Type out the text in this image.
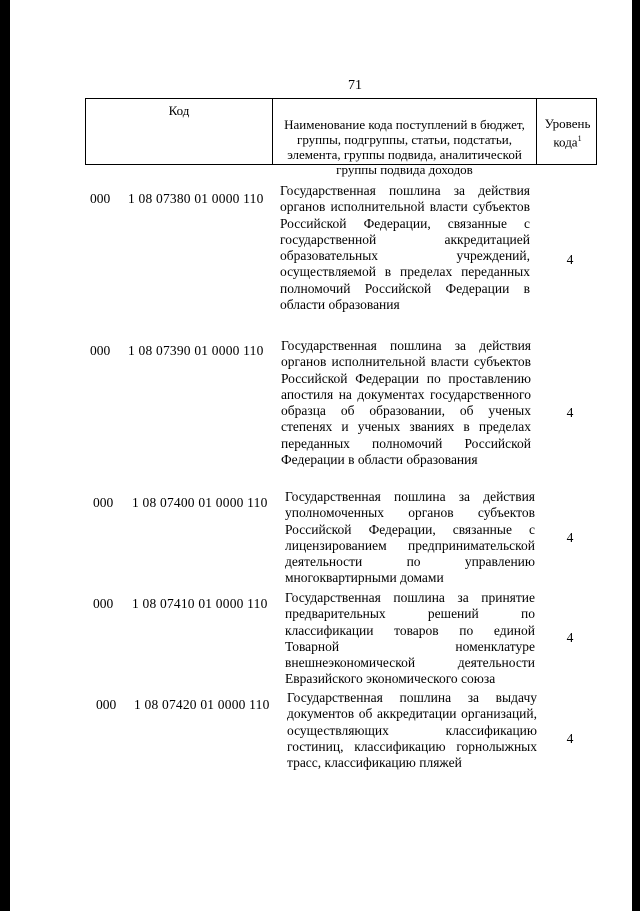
71
Код

Наименование кода поступлений в бюджет, группы, подгруппы, статьи, подстатьи, элемента, группы подвида, аналитической группы подвида доходов

Уровень кода$^1$

000 1 08 07380 01 0000 110
Государственная пошлина за действия органов исполнительной власти субъектов Российской Федерации, связанные с государственной аккредитацией образовательных учреждений, осуществляемой в пределах переданных полномочий Российской Федерации в области образования
4
000 1 08 07390 01 0000 110 Государственная пошлина за действия органов исполнительной власти субъектов Российской Федерации по проставлению апостиля на документах государственного образца об образовании, об ученых степенях и ученых званиях в пределах переданных полномочий Российской Федерации в области образования
4
000 1 08 07400 01 0000 110 Государственная пошлина за действия уполномоченных органов субъектов Российской Федерации, связанные с лицензированием предпринимательской деятельности по управлению многоквартирными домами
4
000 1 08 07410 01 0000 110 Государственная пошлина за принятие предварительных решений по классификации товаров по единой Товарной номенклатуре внешнеэкономической деятельности Евразийского экономического союза
4
000 1 08 07420 01 0000 110 Государственная пошлина за выдачу документов об аккредитации организаций, осуществляющих классификацию гостиниц, классификацию горнолыжных трасс, классификацию пляжей
4
